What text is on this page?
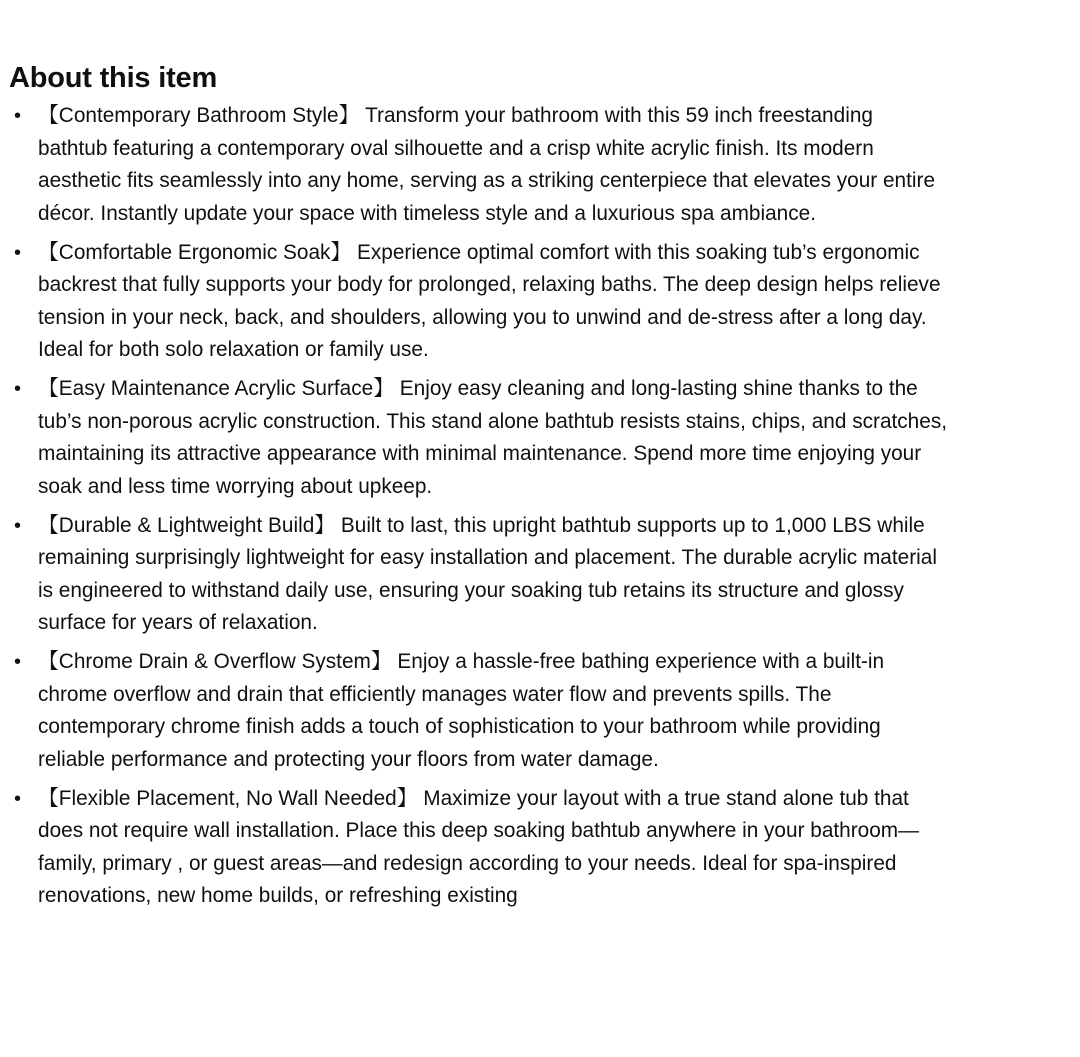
About this item
• 【Contemporary Bathroom Style】 Transform your bathroom with this 59 inch freestanding bathtub featuring a contemporary oval silhouette and a crisp white acrylic finish. Its modern aesthetic fits seamlessly into any home, serving as a striking centerpiece that elevates your entire décor. Instantly update your space with timeless style and a luxurious spa ambiance.
• 【Comfortable Ergonomic Soak】 Experience optimal comfort with this soaking tub’s ergonomic backrest that fully supports your body for prolonged, relaxing baths. The deep design helps relieve tension in your neck, back, and shoulders, allowing you to unwind and de-stress after a long day. Ideal for both solo relaxation or family use.
• 【Easy Maintenance Acrylic Surface】 Enjoy easy cleaning and long-lasting shine thanks to the tub’s non-porous acrylic construction. This stand alone bathtub resists stains, chips, and scratches, maintaining its attractive appearance with minimal maintenance. Spend more time enjoying your soak and less time worrying about upkeep.
• 【Durable & Lightweight Build】 Built to last, this upright bathtub supports up to 1,000 LBS while remaining surprisingly lightweight for easy installation and placement. The durable acrylic material is engineered to withstand daily use, ensuring your soaking tub retains its structure and glossy surface for years of relaxation.
• 【Chrome Drain & Overflow System】 Enjoy a hassle-free bathing experience with a built-in chrome overflow and drain that efficiently manages water flow and prevents spills. The contemporary chrome finish adds a touch of sophistication to your bathroom while providing reliable performance and protecting your floors from water damage.
• 【Flexible Placement, No Wall Needed】 Maximize your layout with a true stand alone tub that does not require wall installation. Place this deep soaking bathtub anywhere in your bathroom—family, primary , or guest areas—and redesign according to your needs. Ideal for spa-inspired renovations, new home builds, or refreshing existing
